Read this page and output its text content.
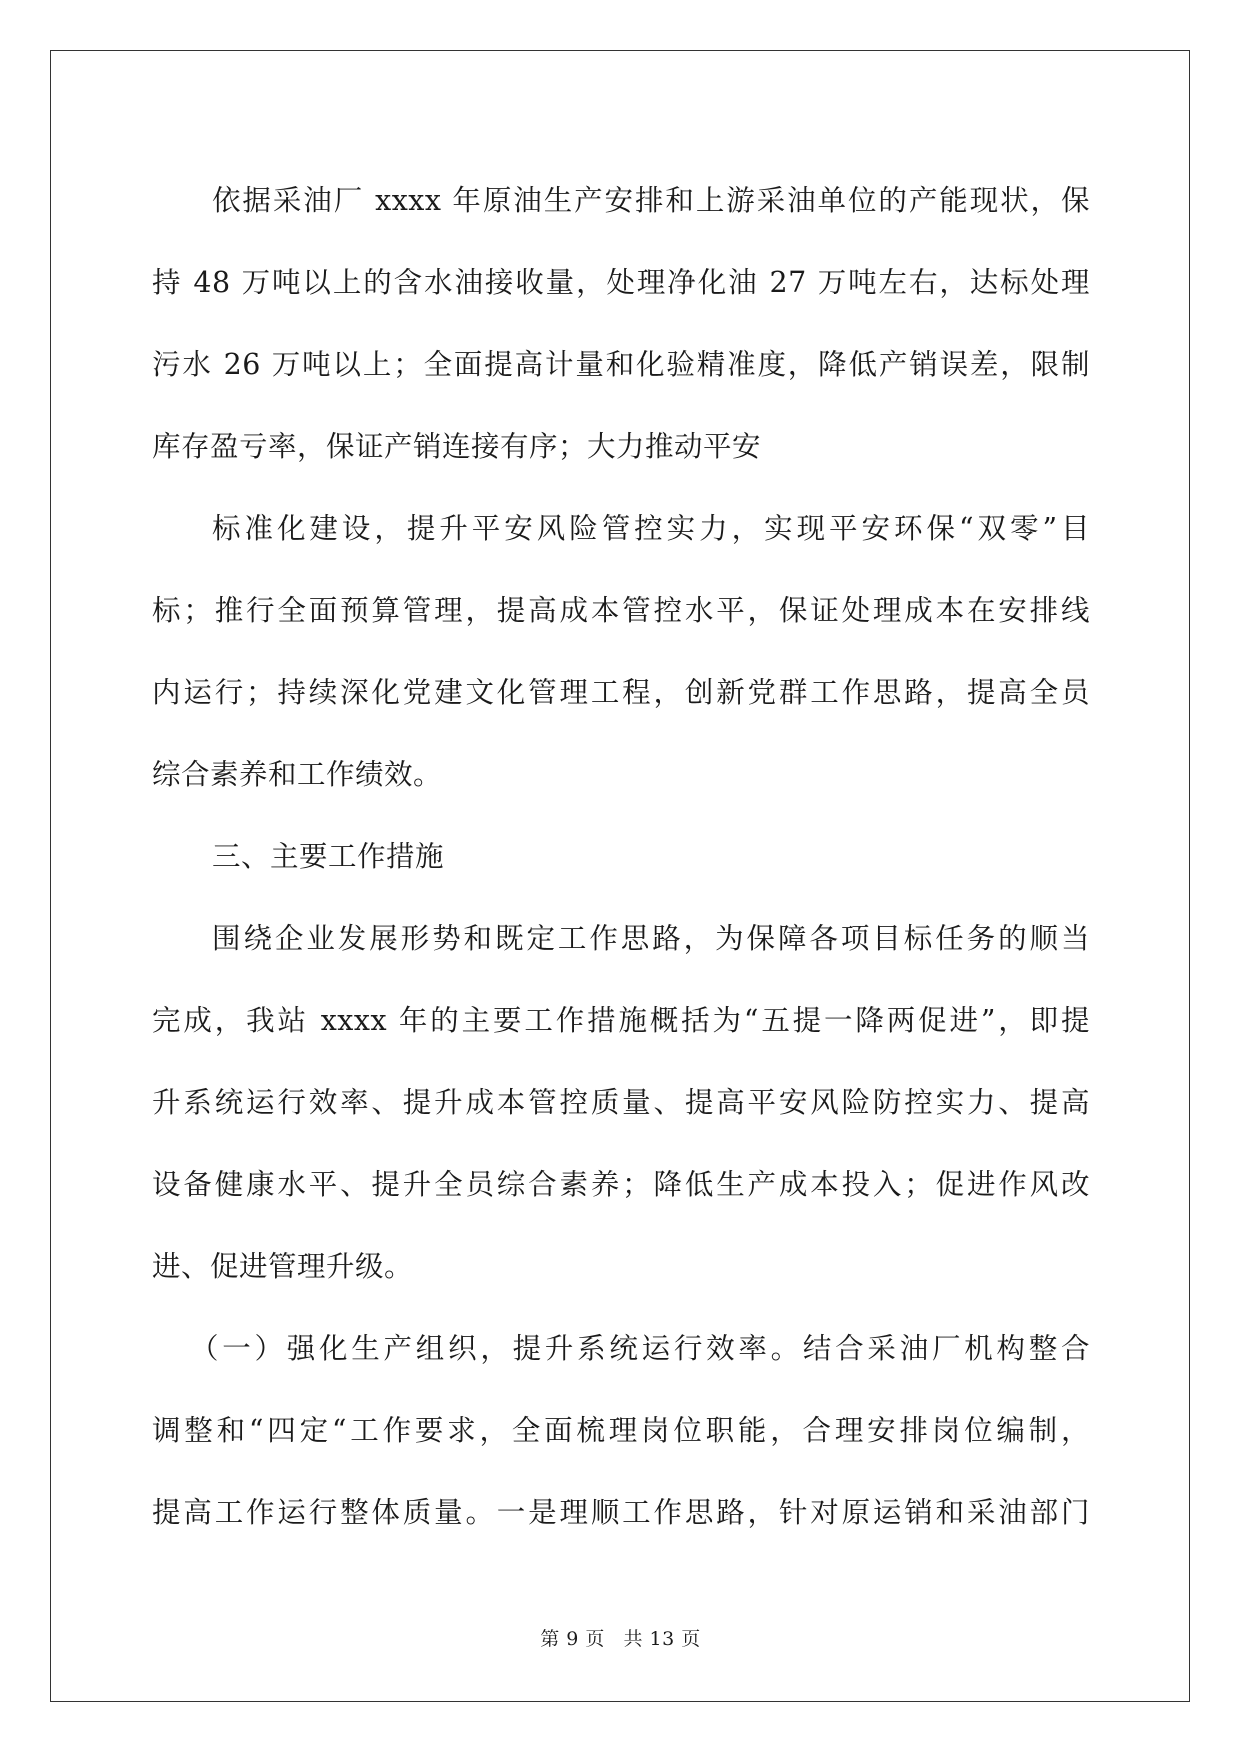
依据采油厂 xxxx 年原油生产安排和上游采油单位的产能现状，保
持 48 万吨以上的含水油接收量，处理净化油 27 万吨左右，达标处理
污水 26 万吨以上；全面提高计量和化验精准度，降低产销误差，限制
库存盈亏率，保证产销连接有序；大力推动平安
标准化建设，提升平安风险管控实力，实现平安环保“双零”目
标；推行全面预算管理，提高成本管控水平，保证处理成本在安排线
内运行；持续深化党建文化管理工程，创新党群工作思路，提高全员
综合素养和工作绩效。
三、主要工作措施
围绕企业发展形势和既定工作思路，为保障各项目标任务的顺当
完成，我站 xxxx 年的主要工作措施概括为“五提一降两促进”，即提
升系统运行效率、提升成本管控质量、提高平安风险防控实力、提高
设备健康水平、提升全员综合素养；降低生产成本投入；促进作风改
进、促进管理升级。
（一）强化生产组织，提升系统运行效率。结合采油厂机构整合
调整和“四定“工作要求，全面梳理岗位职能，合理安排岗位编制，
提高工作运行整体质量。一是理顺工作思路，针对原运销和采油部门
第 9 页 共 13 页
